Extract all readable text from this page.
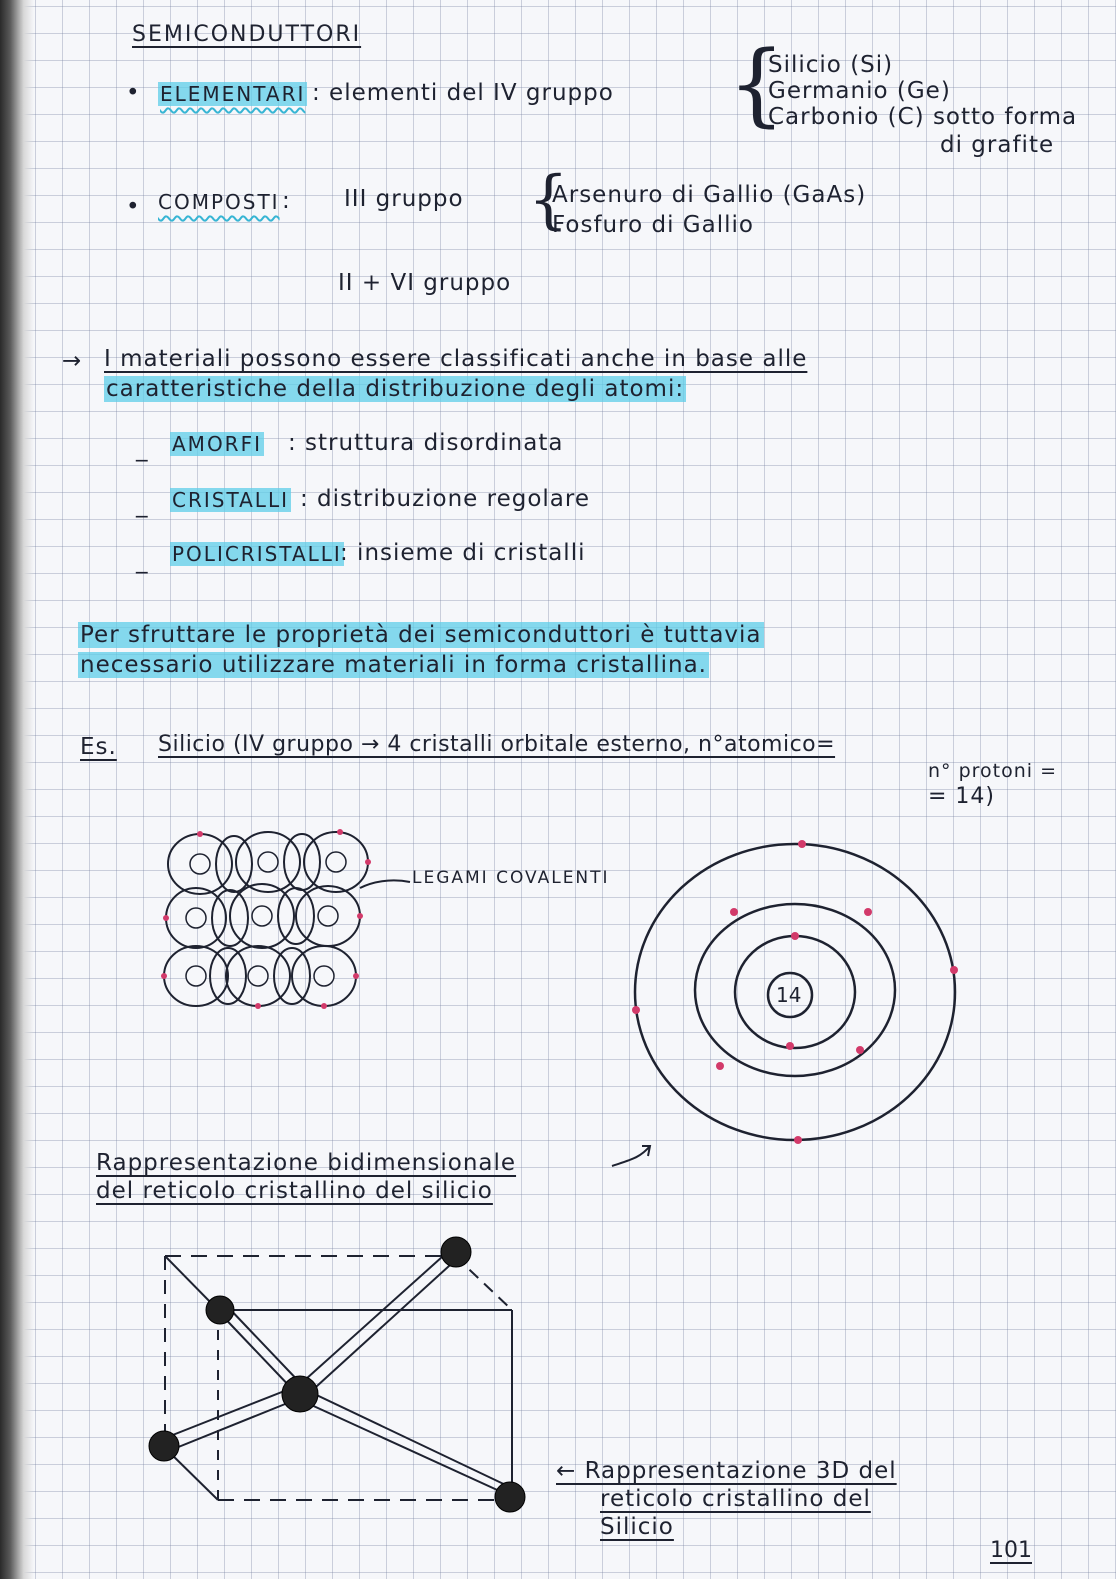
SEMICONDUTTORI
• ELEMENTARI : elementi del IV gruppo {
Silicio (Si)
Germanio (Ge)
Carbonio (C) sotto forma
di grafite
• COMPOSTI : III gruppo {
Arsenuro di Gallio (GaAs)
Fosfuro di Gallio
II + VI gruppo
→ I materiali possono essere classificati anche in base alle
caratteristiche della distribuzione degli atomi:
_ AMORFI : struttura disordinata
_ CRISTALLI : distribuzione regolare
_ POLICRISTALLI
: insieme di cristalli
Per sfruttare le proprietà dei semiconduttori è tuttavia
necessario utilizzare materiali in forma cristallina.
Es. Silicio (IV gruppo → 4 cristalli orbitale esterno, n°atomico=
n° protoni =
= 14)
14
LEGAMI COVALENTI
Rappresentazione bidimensionale
del reticolo cristallino del silicio
← Rappresentazione 3D del
reticolo cristallino del
Silicio
101
